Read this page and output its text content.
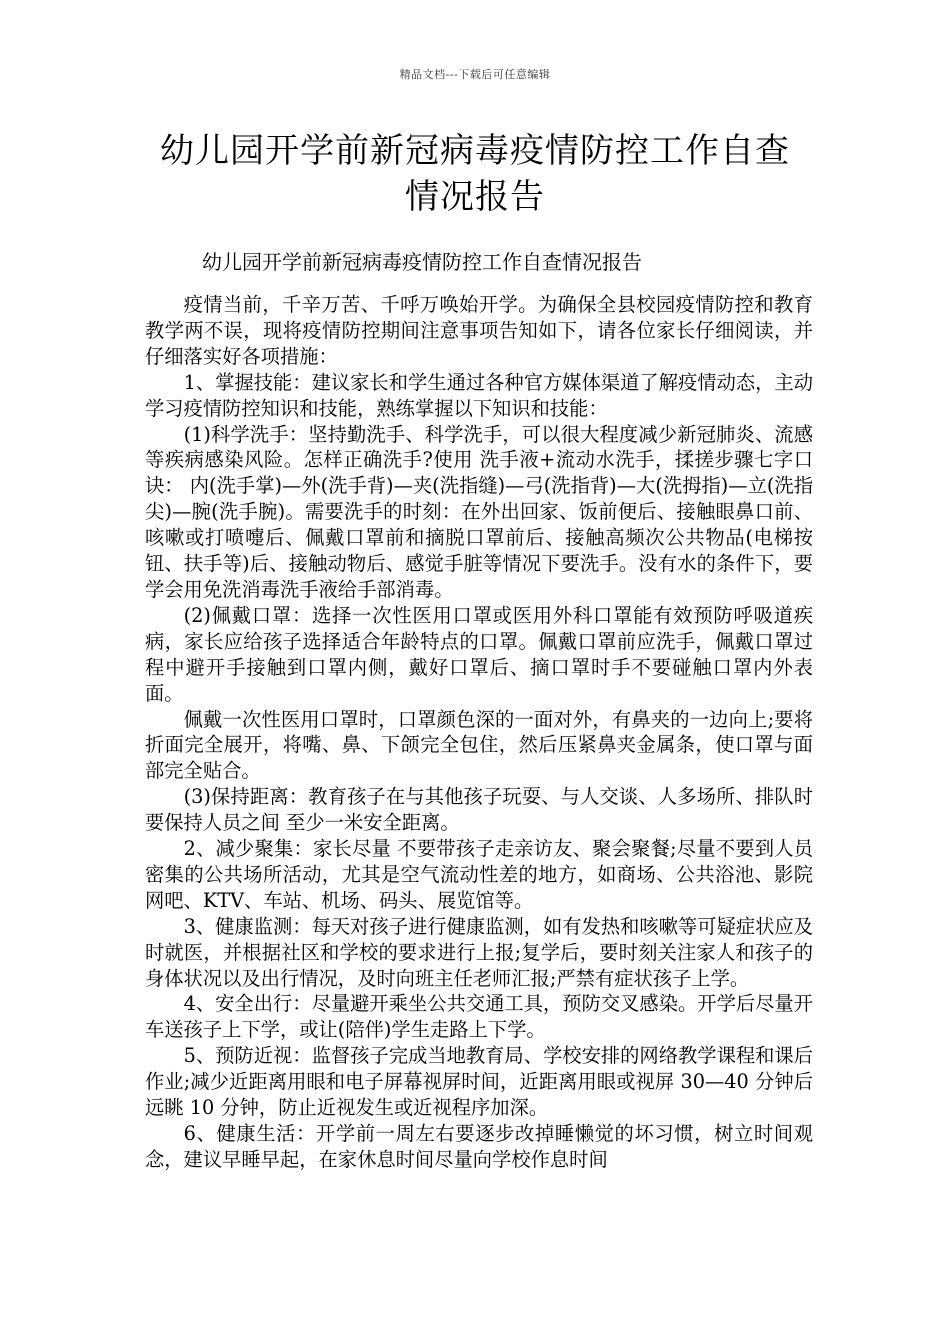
精品文档---下载后可任意编辑
幼儿园开学前新冠病毒疫情防控工作自查
情况报告
幼儿园开学前新冠病毒疫情防控工作自查情况报告

疫情当前，千辛万苦、千呼万唤始开学。为确保全县校园疫情防控和教育教学两不误，现将疫情防控期间注意事项告知如下，请各位家长仔细阅读，并仔细落实好各项措施：

1、掌握技能：建议家长和学生通过各种官方媒体渠道了解疫情动态，主动学习疫情防控知识和技能，熟练掌握以下知识和技能：

(1)科学洗手：坚持勤洗手、科学洗手，可以很大程度减少新冠肺炎、流感等疾病感染风险。怎样正确洗手?使用 洗手液+流动水洗手，揉搓步骤七字口诀： 内(洗手掌)—外(洗手背)—夹(洗指缝)—弓(洗指背)—大(洗拇指)—立(洗指尖)—腕(洗手腕)。需要洗手的时刻：在外出回家、饭前便后、接触眼鼻口前、咳嗽或打喷嚏后、佩戴口罩前和摘脱口罩前后、接触高频次公共物品(电梯按钮、扶手等)后、接触动物后、感觉手脏等情况下要洗手。没有水的条件下，要学会用免洗消毒洗手液给手部消毒。

(2)佩戴口罩：选择一次性医用口罩或医用外科口罩能有效预防呼吸道疾病，家长应给孩子选择适合年龄特点的口罩。佩戴口罩前应洗手，佩戴口罩过程中避开手接触到口罩内侧，戴好口罩后、摘口罩时手不要碰触口罩内外表面。

佩戴一次性医用口罩时，口罩颜色深的一面对外，有鼻夹的一边向上;要将折面完全展开，将嘴、鼻、下颌完全包住，然后压紧鼻夹金属条，使口罩与面部完全贴合。

(3)保持距离：教育孩子在与其他孩子玩耍、与人交谈、人多场所、排队时要保持人员之间 至少一米安全距离。

2、减少聚集：家长尽量 不要带孩子走亲访友、聚会聚餐;尽量不要到人员密集的公共场所活动，尤其是空气流动性差的地方，如商场、公共浴池、影院网吧、KTV、车站、机场、码头、展览馆等。

3、健康监测：每天对孩子进行健康监测，如有发热和咳嗽等可疑症状应及时就医，并根据社区和学校的要求进行上报;复学后，要时刻关注家人和孩子的身体状况以及出行情况，及时向班主任老师汇报;严禁有症状孩子上学。

4、安全出行：尽量避开乘坐公共交通工具，预防交叉感染。开学后尽量开车送孩子上下学，或让(陪伴)学生走路上下学。

5、预防近视：监督孩子完成当地教育局、学校安排的网络教学课程和课后作业;减少近距离用眼和电子屏幕视屏时间，近距离用眼或视屏 30—40 分钟后远眺 10 分钟，防止近视发生或近视程序加深。

6、健康生活：开学前一周左右要逐步改掉睡懒觉的坏习惯，树立时间观念，建议早睡早起，在家休息时间尽量向学校作息时间
